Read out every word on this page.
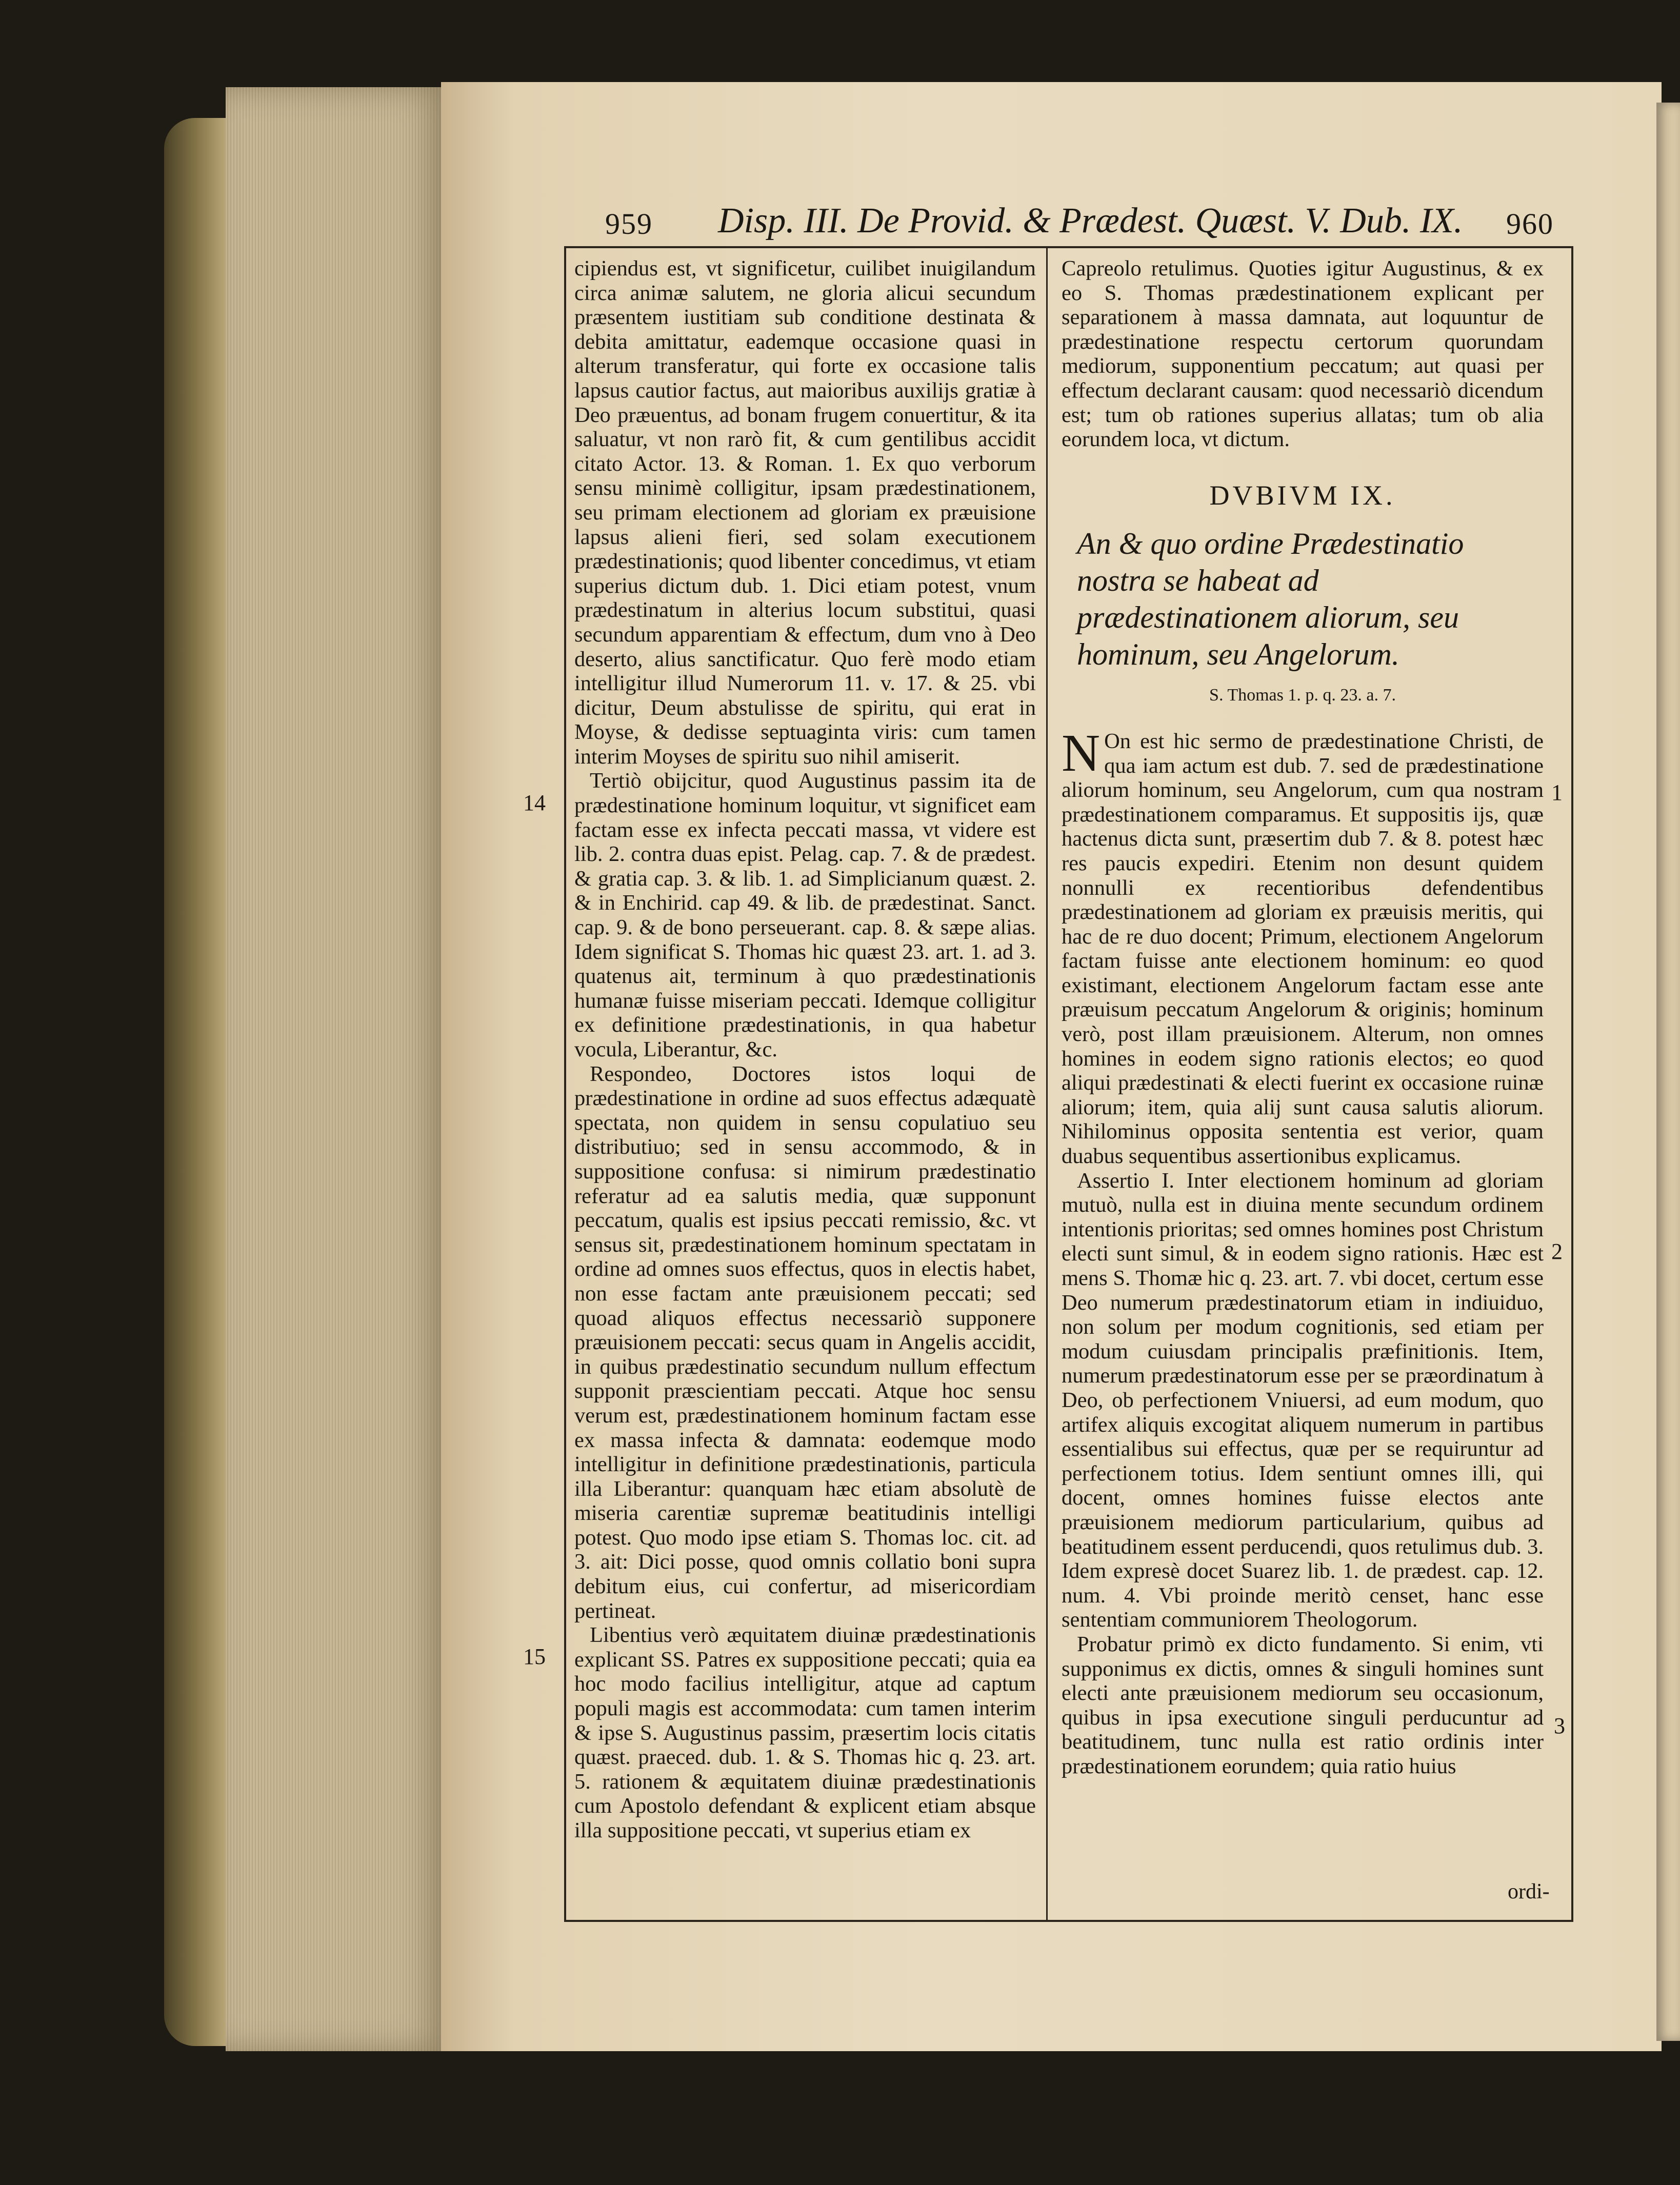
959 Disp. III. De Provid. & Prædest. Quæst. V. Dub. IX. 960

cipiendus est, vt significetur, cuilibet inuigilandum circa animæ salutem, ne gloria alicui secundum præsentem iustitiam sub conditione destinata & debita amittatur, eademque occasione quasi in alterum transferatur, qui forte ex occasione talis lapsus cautior factus, aut maioribus auxilijs gratiæ à Deo præuentus, ad bonam frugem conuertitur, & ita saluatur, vt non rarò fit, & cum gentilibus accidit citato Actor. 13. & Roman. 1. Ex quo verborum sensu minimè colligitur, ipsam prædestinationem, seu primam electionem ad gloriam ex præuisione lapsus alieni fieri, sed solam executionem prædestinationis; quod libenter concedimus, vt etiam superius dictum dub. 1. Dici etiam potest, vnum prædestinatum in alterius locum substitui, quasi secundum apparentiam & effectum, dum vno à Deo deserto, alius sanctificatur. Quo ferè modo etiam intelligitur illud Numerorum 11. v. 17. & 25. vbi dicitur, Deum abstulisse de spiritu, qui erat in Moyse, & dedisse septuaginta viris: cum tamen interim Moyses de spiritu suo nihil amiserit.

Tertiò obijcitur, quod Augustinus passim ita de prædestinatione hominum loquitur, vt significet eam factam esse ex infecta peccati massa, vt videre est lib. 2. contra duas epist. Pelag. cap. 7. & de prædest. & gratia cap. 3. & lib. 1. ad Simplicianum quæst. 2. & in Enchirid. cap 49. & lib. de prædestinat. Sanct. cap. 9. & de bono perseuerant. cap. 8. & sæpe alias. Idem significat S. Thomas hic quæst 23. art. 1. ad 3. quatenus ait, terminum à quo prædestinationis humanæ fuisse miseriam peccati. Idemque colligitur ex definitione prædestinationis, in qua habetur vocula, Liberantur, &c.

Respondeo, Doctores istos loqui de prædestinatione in ordine ad suos effectus adæquatè spectata, non quidem in sensu copulatiuo seu distributiuo; sed in sensu accommodo, & in suppositione confusa: si nimirum prædestinatio referatur ad ea salutis media, quæ supponunt peccatum, qualis est ipsius peccati remissio, &c. vt sensus sit, prædestinationem hominum spectatam in ordine ad omnes suos effectus, quos in electis habet, non esse factam ante præuisionem peccati; sed quoad aliquos effectus necessariò supponere præuisionem peccati: secus quam in Angelis accidit, in quibus prædestinatio secundum nullum effectum supponit præscientiam peccati. Atque hoc sensu verum est, prædestinationem hominum factam esse ex massa infecta & damnata: eodemque modo intelligitur in definitione prædestinationis, particula illa Liberantur: quanquam hæc etiam absolutè de miseria carentiæ supremæ beatitudinis intelligi potest. Quo modo ipse etiam S. Thomas loc. cit. ad 3. ait: Dici posse, quod omnis collatio boni supra debitum eius, cui confertur, ad misericordiam pertineat.

Libentius verò æquitatem diuinæ prædestinationis explicant SS. Patres ex suppositione peccati; quia ea hoc modo facilius intelligitur, atque ad captum populi magis est accommodata: cum tamen interim & ipse S. Augustinus passim, præsertim locis citatis quæst. praeced. dub. 1. & S. Thomas hic q. 23. art. 5. rationem & æquitatem diuinæ prædestinationis cum Apostolo defendant & explicent etiam absque illa suppositione peccati, vt superius etiam ex

Capreolo retulimus. Quoties igitur Augustinus, & ex eo S. Thomas prædestinationem explicant per separationem à massa damnata, aut loquuntur de prædestinatione respectu certorum quorundam mediorum, supponentium peccatum; aut quasi per effectum declarant causam: quod necessariò dicendum est; tum ob rationes superius allatas; tum ob alia eorundem loca, vt dictum.

DVBIVM IX.
An & quo ordine Prædestinatio nostra se habeat ad prædestinationem aliorum, seu hominum, seu Angelorum.
S. Thomas 1. p. q. 23. a. 7.

N On est hic sermo de prædestinatione Christi, de qua iam actum est dub. 7. sed de prædestinatione aliorum hominum, seu Angelorum, cum qua nostram prædestinationem comparamus. Et suppositis ijs, quæ hactenus dicta sunt, præsertim dub 7. & 8. potest hæc res paucis expediri. Etenim non desunt quidem nonnulli ex recentioribus defendentibus prædestinationem ad gloriam ex præuisis meritis, qui hac de re duo docent; Primum, electionem Angelorum factam fuisse ante electionem hominum: eo quod existimant, electionem Angelorum factam esse ante præuisum peccatum Angelorum & originis; hominum verò, post illam præuisionem. Alterum, non omnes homines in eodem signo rationis electos; eo quod aliqui prædestinati & electi fuerint ex occasione ruinæ aliorum; item, quia alij sunt causa salutis aliorum. Nihilominus opposita sententia est verior, quam duabus sequentibus assertionibus explicamus.

Assertio I. Inter electionem hominum ad gloriam mutuò, nulla est in diuina mente secundum ordinem intentionis prioritas; sed omnes homines post Christum electi sunt simul, & in eodem signo rationis. Hæc est mens S. Thomæ hic q. 23. art. 7. vbi docet, certum esse Deo numerum prædestinatorum etiam in indiuiduo, non solum per modum cognitionis, sed etiam per modum cuiusdam principalis præfinitionis. Item, numerum prædestinatorum esse per se præordinatum à Deo, ob perfectionem Vniuersi, ad eum modum, quo artifex aliquis excogitat aliquem numerum in partibus essentialibus sui effectus, quæ per se requiruntur ad perfectionem totius. Idem sentiunt omnes illi, qui docent, omnes homines fuisse electos ante præuisionem mediorum particularium, quibus ad beatitudinem essent perducendi, quos retulimus dub. 3. Idem expresè docet Suarez lib. 1. de prædest. cap. 12. num. 4. Vbi proinde meritò censet, hanc esse sententiam communiorem Theologorum.

Probatur primò ex dicto fundamento. Si enim, vti supponimus ex dictis, omnes & singuli homines sunt electi ante præuisionem mediorum seu occasionum, quibus in ipsa executione singuli perducuntur ad beatitudinem, tunc nulla est ratio ordinis inter prædestinationem eorundem; quia ratio huius

14
15
1
2
3
ordi-
